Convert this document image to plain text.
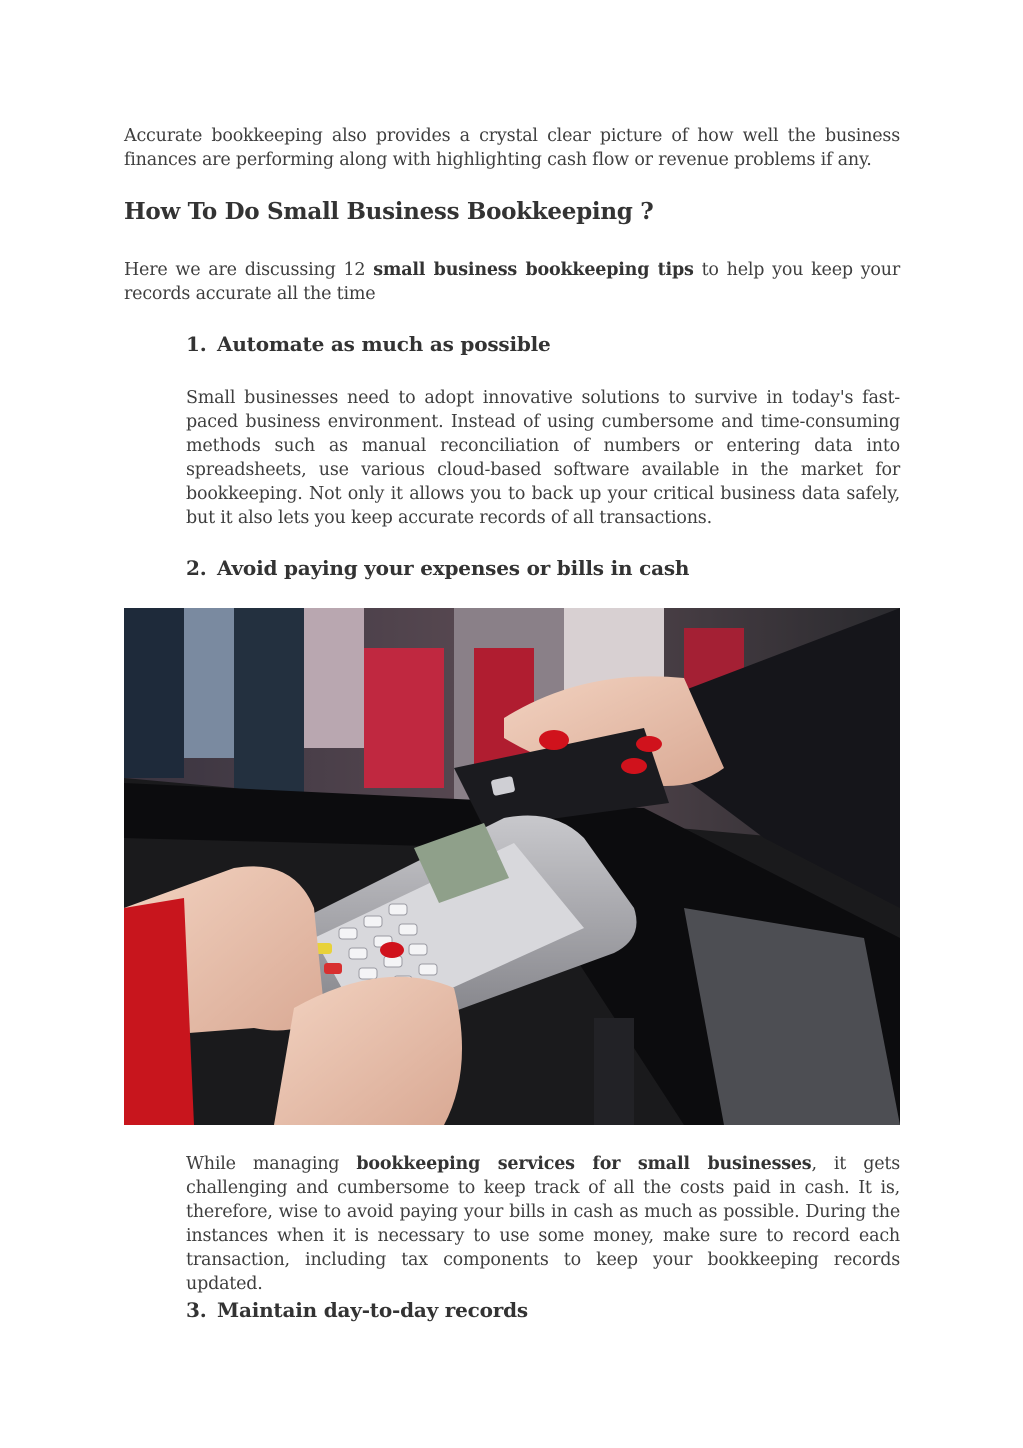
Accurate bookkeeping also provides a crystal clear picture of how well the business finances are performing along with highlighting cash flow or revenue problems if any.

How To Do Small Business Bookkeeping ?

Here we are discussing 12 small business bookkeeping tips to help you keep your records accurate all the time

1. Automate as much as possible

Small businesses need to adopt innovative solutions to survive in today's fast-paced business environment. Instead of using cumbersome and time-consuming methods such as manual reconciliation of numbers or entering data into spreadsheets, use various cloud-based software available in the market for bookkeeping. Not only it allows you to back up your critical business data safely, but it also lets you keep accurate records of all transactions.

2. Avoid paying your expenses or bills in cash

While managing bookkeeping services for small businesses, it gets challenging and cumbersome to keep track of all the costs paid in cash. It is, therefore, wise to avoid paying your bills in cash as much as possible. During the instances when it is necessary to use some money, make sure to record each transaction, including tax components to keep your bookkeeping records updated.

3. Maintain day-to-day records
